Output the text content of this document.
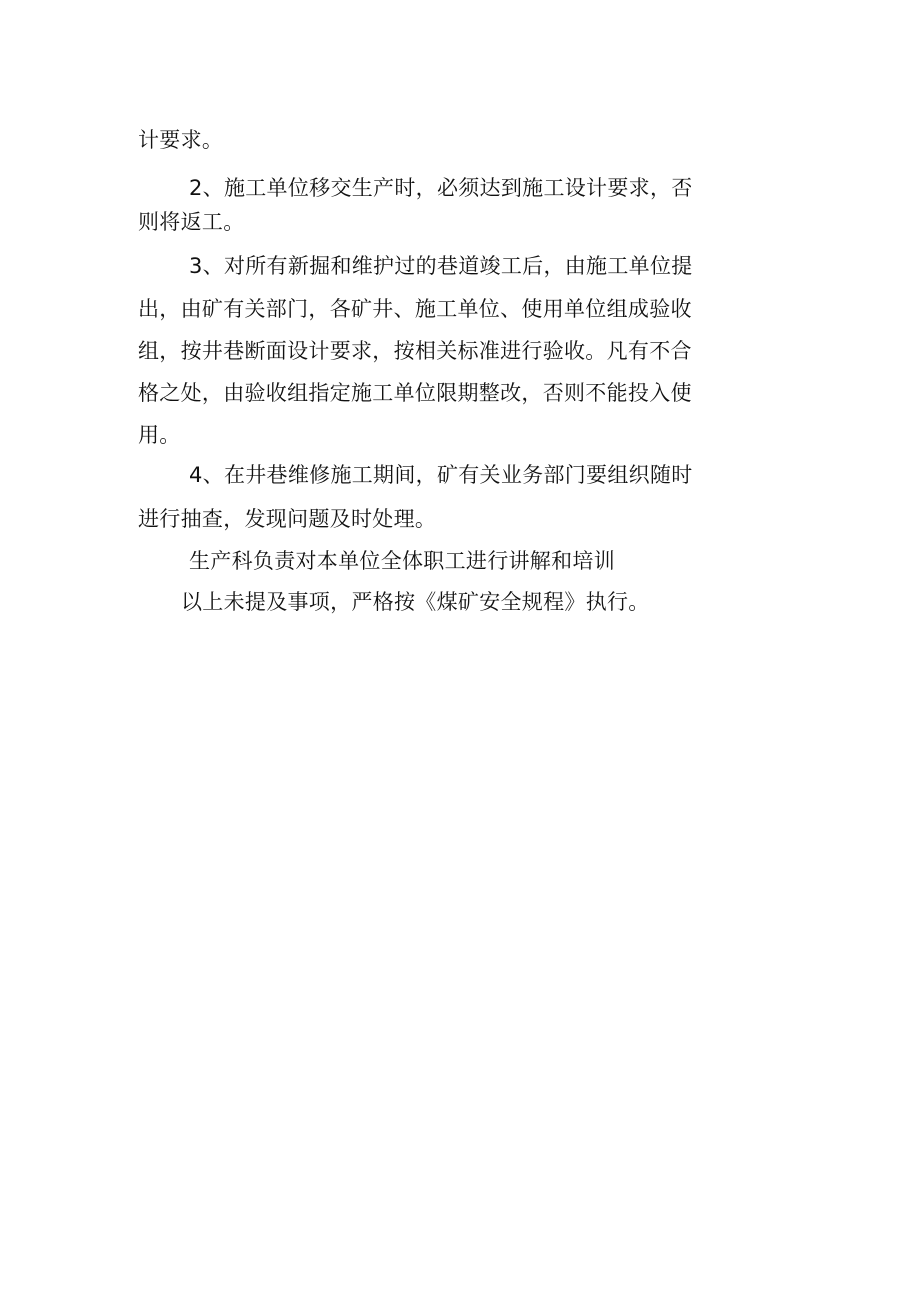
计要求。
2、施工单位移交生产时，必须达到施工设计要求，否
则将返工。
3、对所有新掘和维护过的巷道竣工后，由施工单位提
出，由矿有关部门，各矿井、施工单位、使用单位组成验收
组，按井巷断面设计要求，按相关标准进行验收。凡有不合
格之处，由验收组指定施工单位限期整改，否则不能投入使
用。
4、在井巷维修施工期间，矿有关业务部门要组织随时
进行抽查，发现问题及时处理。
生产科负责对本单位全体职工进行讲解和培训
以上未提及事项，严格按《煤矿安全规程》执行。
